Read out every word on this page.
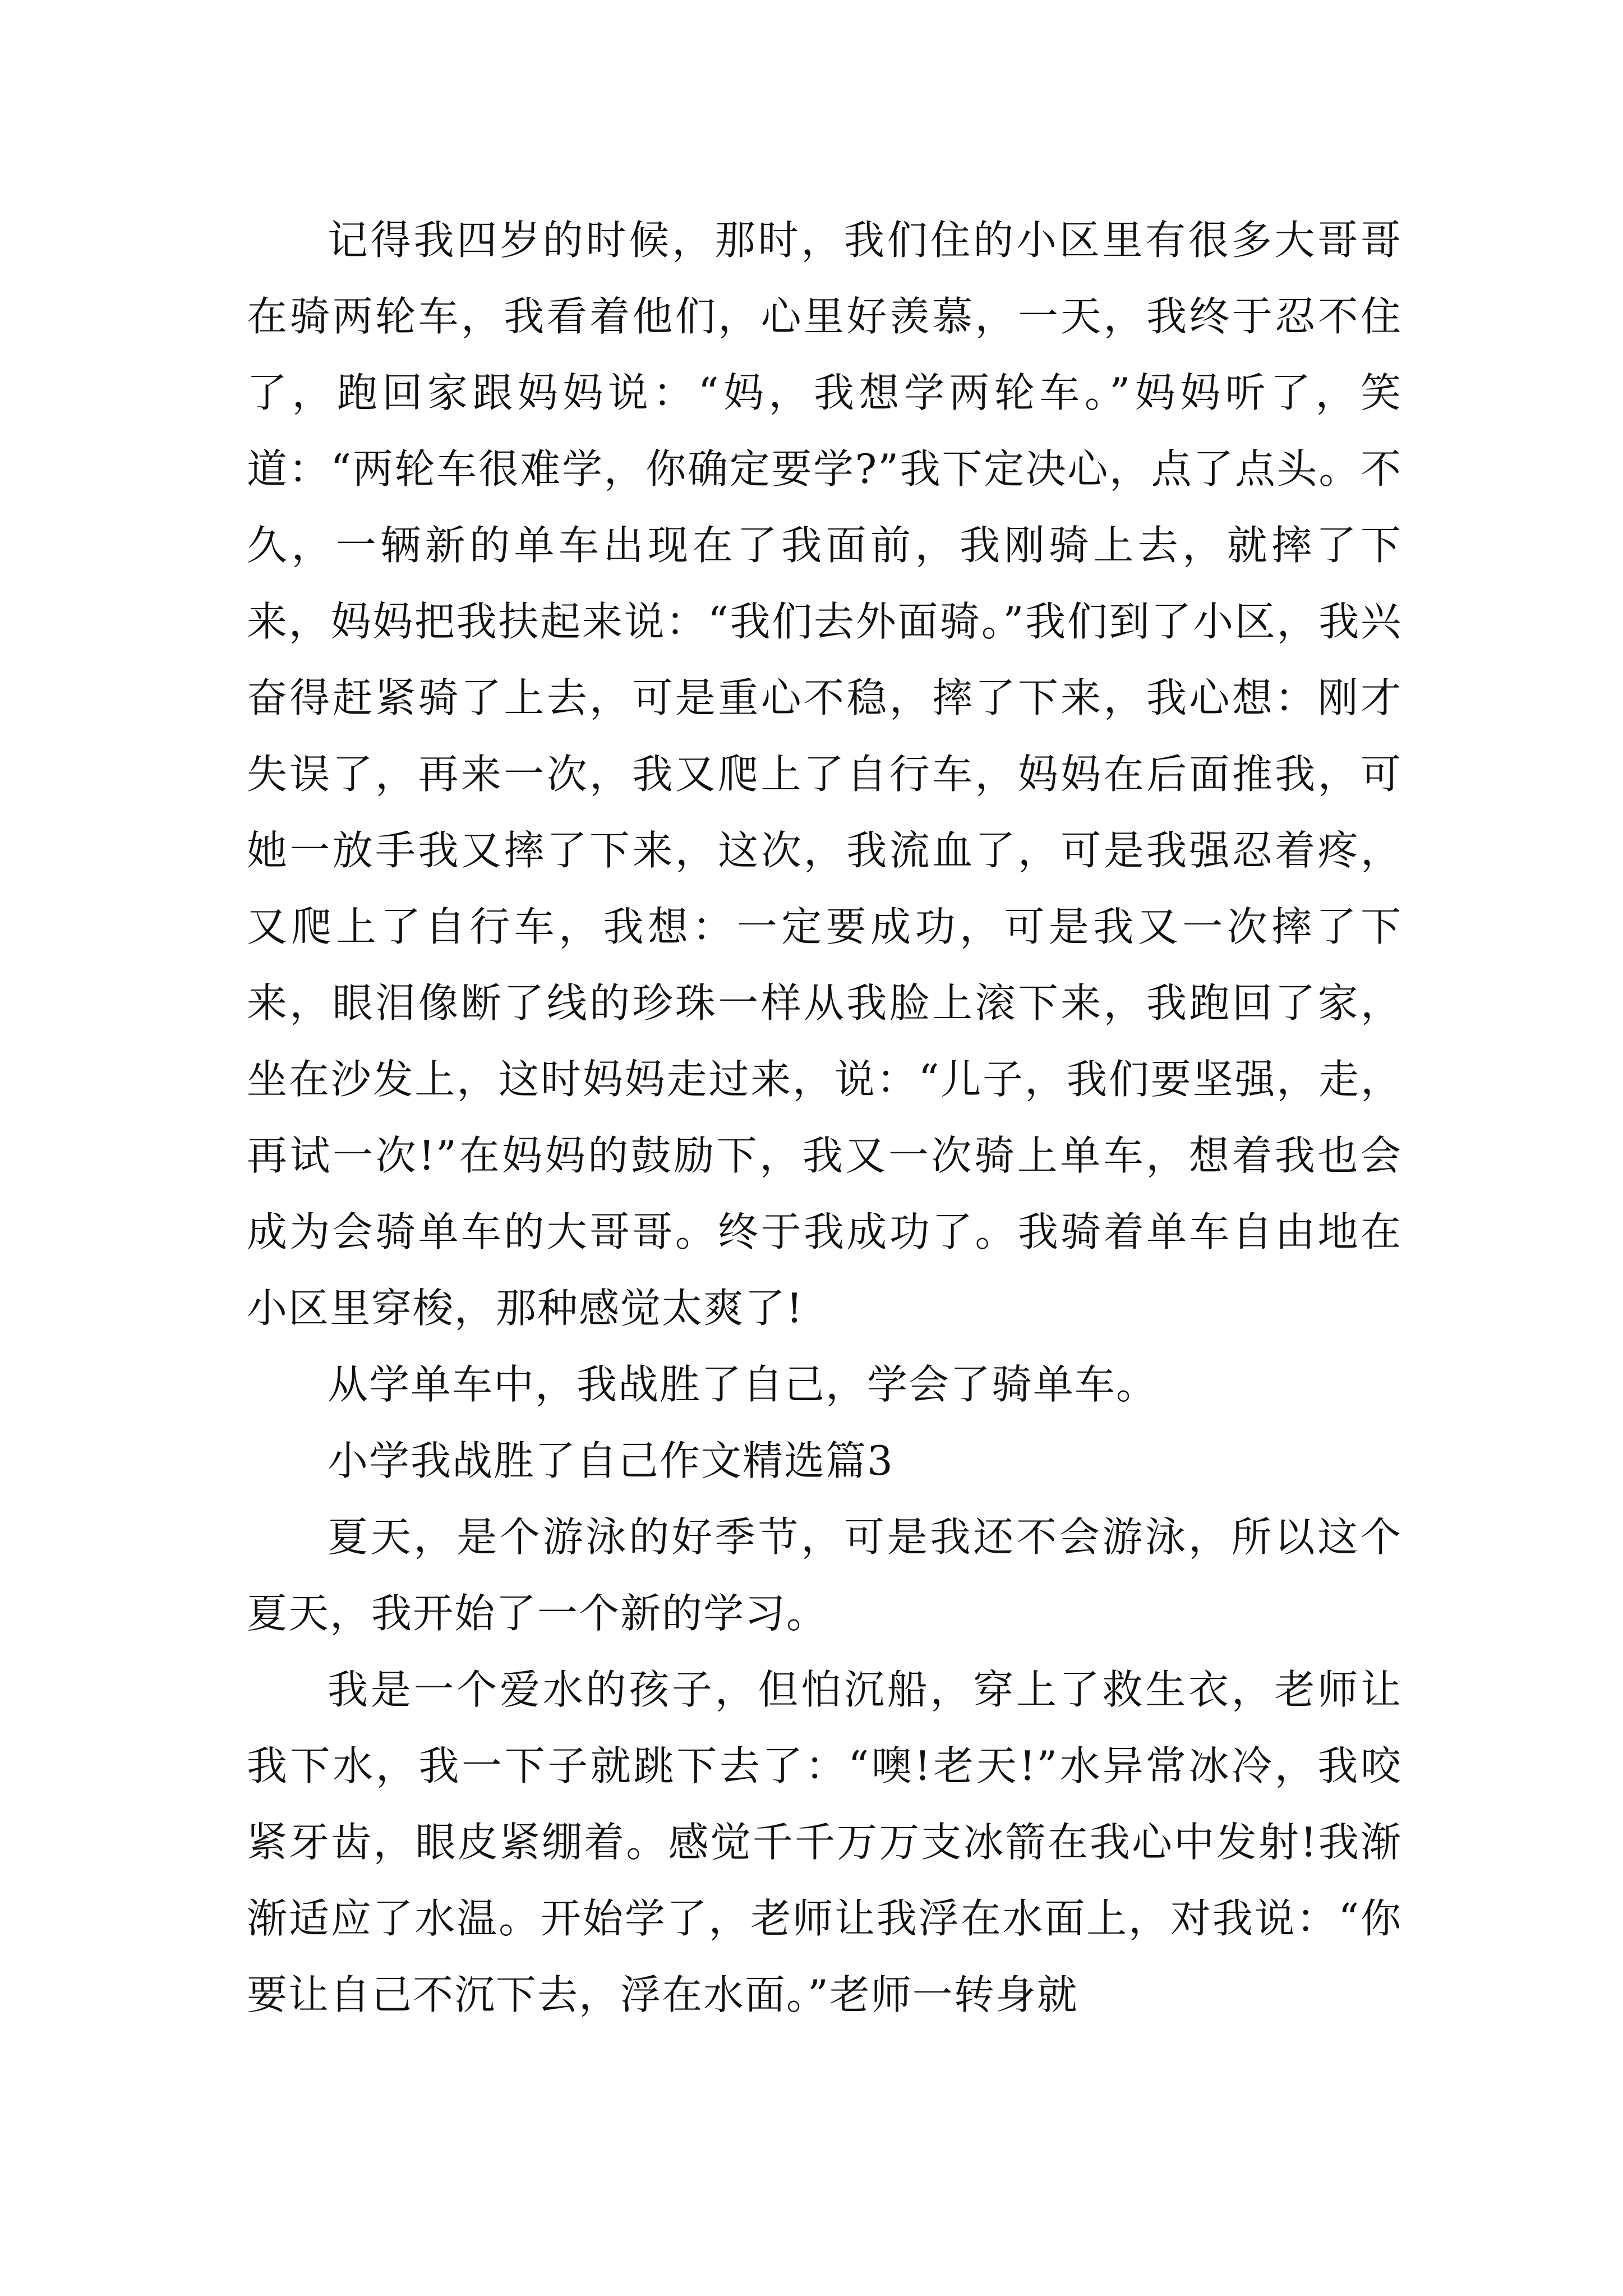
记得我四岁的时候，那时，我们住的小区里有很多大哥哥在骑两轮车，我看着他们，心里好羡慕，一天，我终于忍不住了，跑回家跟妈妈说：“妈，我想学两轮车。”妈妈听了，笑道：“两轮车很难学，你确定要学?”我下定决心，点了点头。不久，一辆新的单车出现在了我面前，我刚骑上去，就摔了下来，妈妈把我扶起来说：“我们去外面骑。”我们到了小区，我兴奋得赶紧骑了上去，可是重心不稳，摔了下来，我心想：刚才失误了，再来一次，我又爬上了自行车，妈妈在后面推我，可她一放手我又摔了下来，这次，我流血了，可是我强忍着疼，又爬上了自行车，我想：一定要成功，可是我又一次摔了下来，眼泪像断了线的珍珠一样从我脸上滚下来，我跑回了家，坐在沙发上，这时妈妈走过来，说：“儿子，我们要坚强，走，再试一次!”在妈妈的鼓励下，我又一次骑上单车，想着我也会成为会骑单车的大哥哥。终于我成功了。我骑着单车自由地在小区里穿梭，那种感觉太爽了!

从学单车中，我战胜了自己，学会了骑单车。

小学我战胜了自己作文精选篇3

夏天，是个游泳的好季节，可是我还不会游泳，所以这个夏天，我开始了一个新的学习。

我是一个爱水的孩子，但怕沉船，穿上了救生衣，老师让我下水，我一下子就跳下去了：“噢!老天!”水异常冰冷，我咬紧牙齿，眼皮紧绷着。感觉千千万万支冰箭在我心中发射!我渐渐适应了水温。开始学了，老师让我浮在水面上，对我说：“你要让自己不沉下去，浮在水面。”老师一转身就
